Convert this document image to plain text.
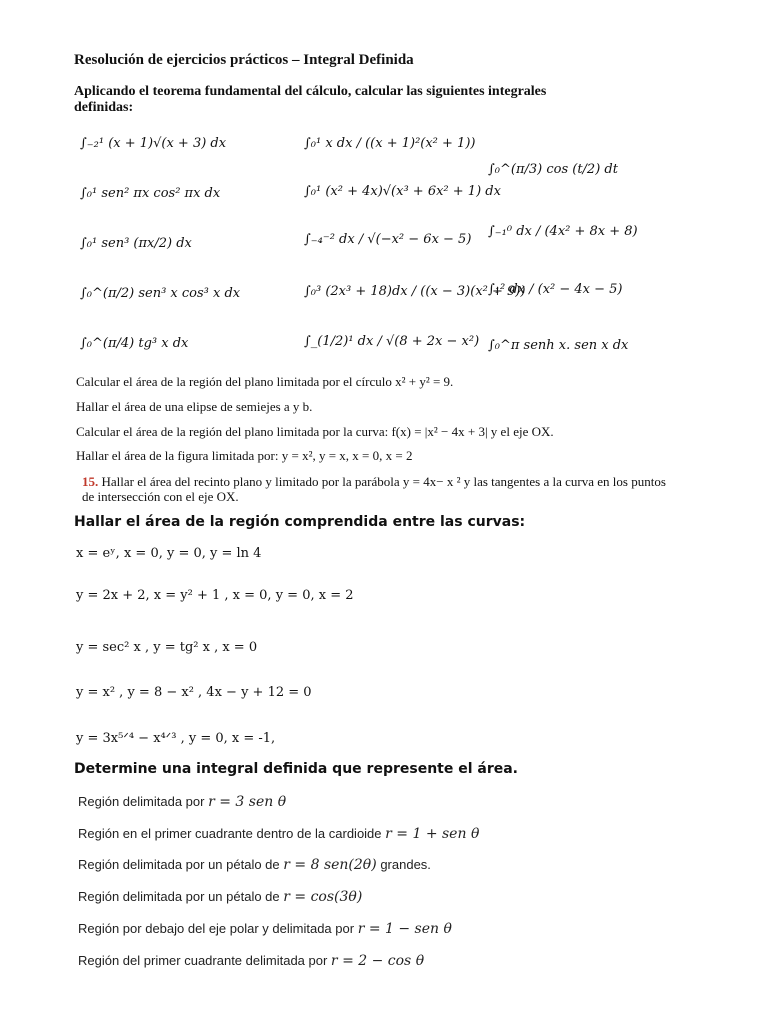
Resolución de ejercicios prácticos – Integral Definida
Aplicando el teorema fundamental del cálculo, calcular las siguientes integrales definidas:
∫₋₂¹ (x + 1)√(x + 3) dx	∫₀¹ x dx / ((x + 1)²(x² + 1))
∫₀^(π/3) cos (t/2) dt
∫₀¹ sen² πx cos² πx dx	∫₀¹ (x² + 4x)√(x³ + 6x² + 1) dx
∫₀¹ sen³ (πx/2) dx	∫₋₄⁻² dx / √(−x² − 6x − 5)
∫₋₁⁰ dx / (4x² + 8x + 8)
∫₀^(π/2) sen³ x cos³ x dx	∫₀³ (2x³ + 18)dx / ((x − 3)(x² + 9))
∫₁² dx / (x² − 4x − 5)
∫₀^(π/4) tg³ x dx	∫_(1/2)¹ dx / √(8 + 2x − x²) ∫₀^π senh x. sen x dx
Calcular el área de la región del plano limitada por el círculo x² + y² = 9.
Hallar el área de una elipse de semiejes a y b.
Calcular el área de la región del plano limitada por la curva: f(x) = |x² − 4x + 3| y el eje OX.
Hallar el área de la figura limitada por: y = x², y = x, x = 0, x = 2
15. Hallar el área del recinto plano y limitado por la parábola y = 4x− x ² y las tangentes a la curva en los puntos de intersección con el eje OX.
Hallar el área de la región comprendida entre las curvas:
x = eʸ, x = 0, y = 0, y = ln 4
y = 2x + 2, x = y² + 1 , x = 0, y = 0, x = 2
y = sec² x , y = tg² x , x = 0
y = x² , y = 8 − x² , 4x − y + 12 = 0
y = 3x⁵ᐟ⁴ − x⁴ᐟ³ , y = 0, x = -1,
Determine una integral definida que represente el área.
Región delimitada por r = 3 sen θ
Región en el primer cuadrante dentro de la cardioide r = 1 + sen θ
Región delimitada por un pétalo de r = 8 sen(2θ) grandes.
Región delimitada por un pétalo de r = cos(3θ)
Región por debajo del eje polar y delimitada por r = 1 − sen θ
Región del primer cuadrante delimitada por r = 2 − cos θ
